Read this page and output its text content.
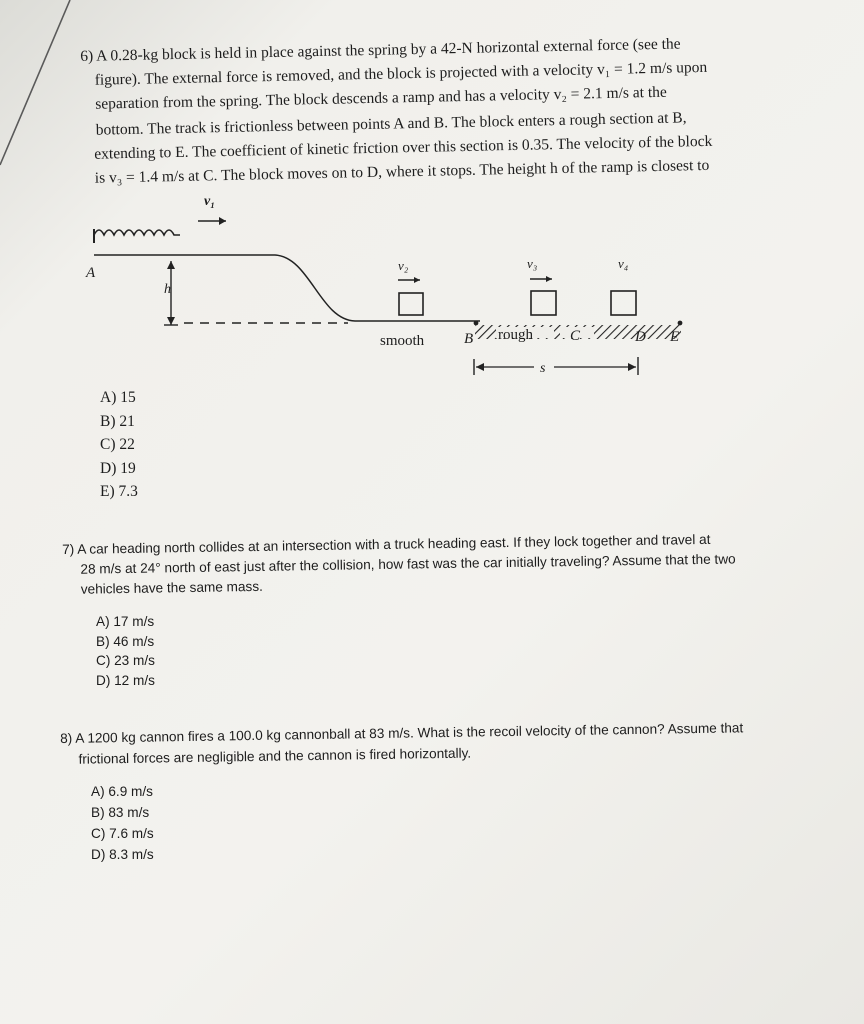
6) A 0.28-kg block is held in place against the spring by a 42-N horizontal external force (see the
figure). The external force is removed, and the block is projected with a velocity v₁ = 1.2 m/s upon
separation from the spring. The block descends a ramp and has a velocity v₂ = 2.1 m/s at the
bottom. The track is frictionless between points A and B. The block enters a rough section at B,
extending to E. The coefficient of kinetic friction over this section is 0.35. The velocity of the block
is v₃ = 1.4 m/s at C. The block moves on to D, where it stops. The height h of the ramp is closest to
v₁
A
h
v₂
smooth	B rough C	D E
v₃	v₄
s
A) 15
B) 21
C) 22
D) 19
E) 7.3
7) A car heading north collides at an intersection with a truck heading east. If they lock together and travel at
28 m/s at 24° north of east just after the collision, how fast was the car initially traveling? Assume that the two
vehicles have the same mass.
A) 17 m/s
B) 46 m/s
C) 23 m/s
D) 12 m/s
8) A 1200 kg cannon fires a 100.0 kg cannonball at 83 m/s. What is the recoil velocity of the cannon? Assume that
frictional forces are negligible and the cannon is fired horizontally.
A) 6.9 m/s
B) 83 m/s
C) 7.6 m/s
D) 8.3 m/s
